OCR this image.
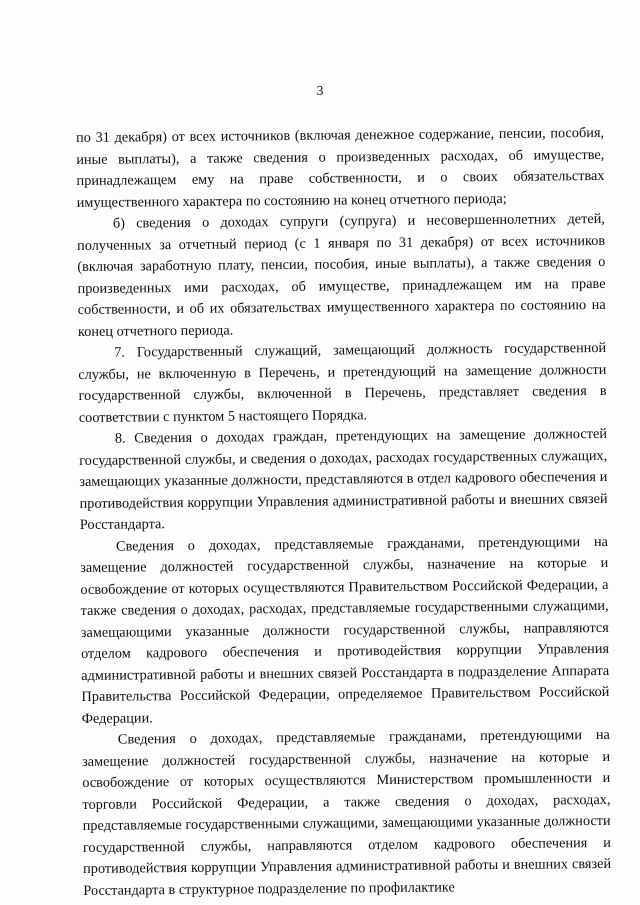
3

по 31 декабря) от всех источников (включая денежное содержание, пенсии, пособия, иные выплаты), а также сведения о произведенных расходах, об имуществе, принадлежащем ему на праве собственности, и о своих обязательствах имущественного характера по состоянию на конец отчетного периода;

б) сведения о доходах супруги (супруга) и несовершеннолетних детей, полученных за отчетный период (с 1 января по 31 декабря) от всех источников (включая заработную плату, пенсии, пособия, иные выплаты), а также сведения о произведенных ими расходах, об имуществе, принадлежащем им на праве собственности, и об их обязательствах имущественного характера по состоянию на конец отчетного периода.

7. Государственный служащий, замещающий должность государственной службы, не включенную в Перечень, и претендующий на замещение должности государственной службы, включенной в Перечень, представляет сведения в соответствии с пунктом 5 настоящего Порядка.

8. Сведения о доходах граждан, претендующих на замещение должностей государственной службы, и сведения о доходах, расходах государственных служащих, замещающих указанные должности, представляются в отдел кадрового обеспечения и противодействия коррупции Управления административной работы и внешних связей Росстандарта.

Сведения о доходах, представляемые гражданами, претендующими на замещение должностей государственной службы, назначение на которые и освобождение от которых осуществляются Правительством Российской Федерации, а также сведения о доходах, расходах, представляемые государственными служащими, замещающими указанные должности государственной службы, направляются отделом кадрового обеспечения и противодействия коррупции Управления административной работы и внешних связей Росстандарта в подразделение Аппарата Правительства Российской Федерации, определяемое Правительством Российской Федерации.

Сведения о доходах, представляемые гражданами, претендующими на замещение должностей государственной службы, назначение на которые и освобождение от которых осуществляются Министерством промышленности и торговли Российской Федерации, а также сведения о доходах, расходах, представляемые государственными служащими, замещающими указанные должности государственной службы, направляются отделом кадрового обеспечения и противодействия коррупции Управления административной работы и внешних связей Росстандарта в структурное подразделение по профилактике
